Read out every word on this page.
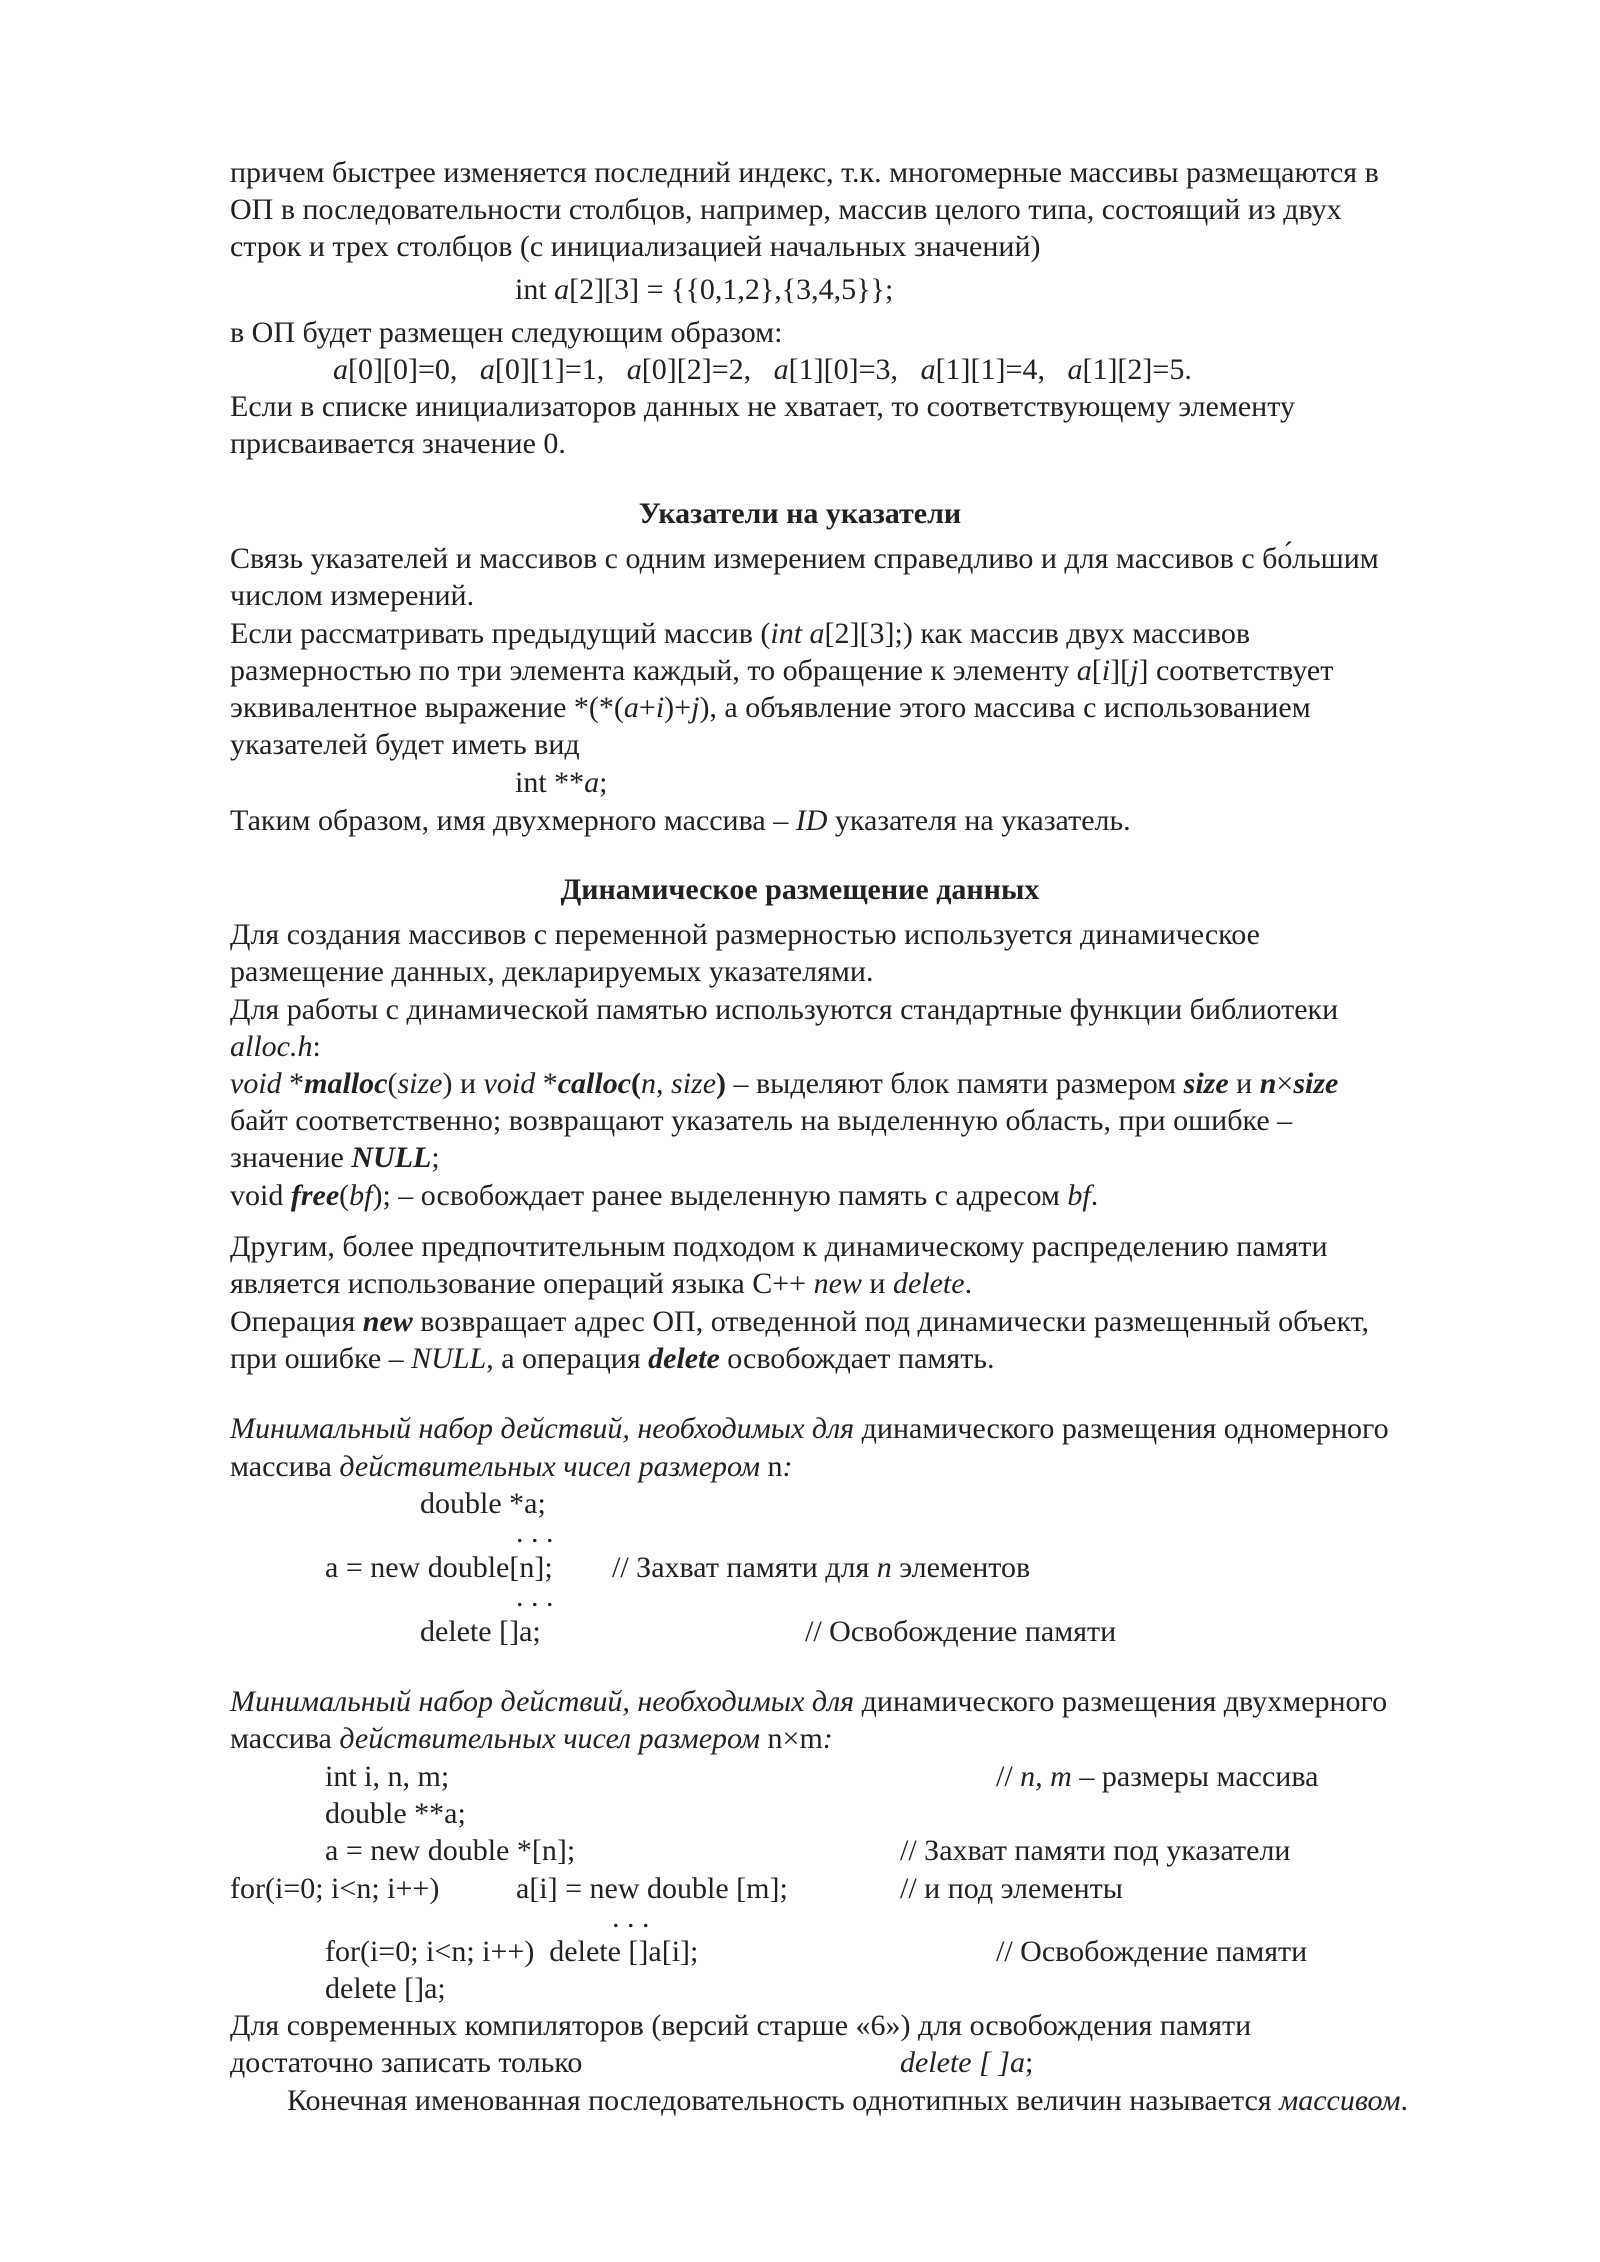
причем быстрее изменяется последний индекс, т.к. многомерные массивы размещаются в
ОП в последовательности столбцов, например, массив целого типа, состоящий из двух
строк и трех столбцов (с инициализацией начальных значений)
int a[2][3] = {{0,1,2},{3,4,5}};
в ОП будет размещен следующим образом:
a[0][0]=0, a[0][1]=1, a[0][2]=2, a[1][0]=3, a[1][1]=4, a[1][2]=5.
Если в списке инициализаторов данных не хватает, то соответствующему элементу
присваивается значение 0.
Указатели на указатели
Связь указателей и массивов с одним измерением справедливо и для массивов с бо́льшим
числом измерений.
Если рассматривать предыдущий массив (int a[2][3];) как массив двух массивов
размерностью по три элемента каждый, то обращение к элементу a[i][j] соответствует
эквивалентное выражение *(*(a+i)+j), а объявление этого массива с использованием
указателей будет иметь вид
int **a;
Таким образом, имя двухмерного массива – ID указателя на указатель.
Динамическое размещение данных
Для создания массивов с переменной размерностью используется динамическое
размещение данных, декларируемых указателями.
Для работы с динамической памятью используются стандартные функции библиотеки
alloc.h:
void *malloc(size) и void *calloc(n, size) – выделяют блок памяти размером size и n×size
байт соответственно; возвращают указатель на выделенную область, при ошибке –
значение NULL;
void free(bf); – освобождает ранее выделенную память с адресом bf.
Другим, более предпочтительным подходом к динамическому распределению памяти
является использование операций языка С++ new и delete.
Операция new возвращает адрес ОП, отведенной под динамически размещенный объект,
при ошибке – NULL, а операция delete освобождает память.
Минимальный набор действий, необходимых для динамического размещения одномерного
массива действительных чисел размером n:
double *a;
. . .
a = new double[n]; // Захват памяти для n элементов
. . .
delete []a;	// Освобождение памяти
Минимальный набор действий, необходимых для динамического размещения двухмерного
массива действительных чисел размером n×m:
int i, n, m;	// n, m – размеры массива
double **a;
a = new double *[n];	// Захват памяти под указатели
for(i=0; i<n; i++)	a[i] = new double [m];	// и под элементы
. . .
for(i=0; i<n; i++)  delete []a[i];	// Освобождение памяти
delete []a;
Для современных компиляторов (версий старше «6») для освобождения памяти
достаточно записать только	delete [ ]a;
Конечная именованная последовательность однотипных величин называется массивом.
